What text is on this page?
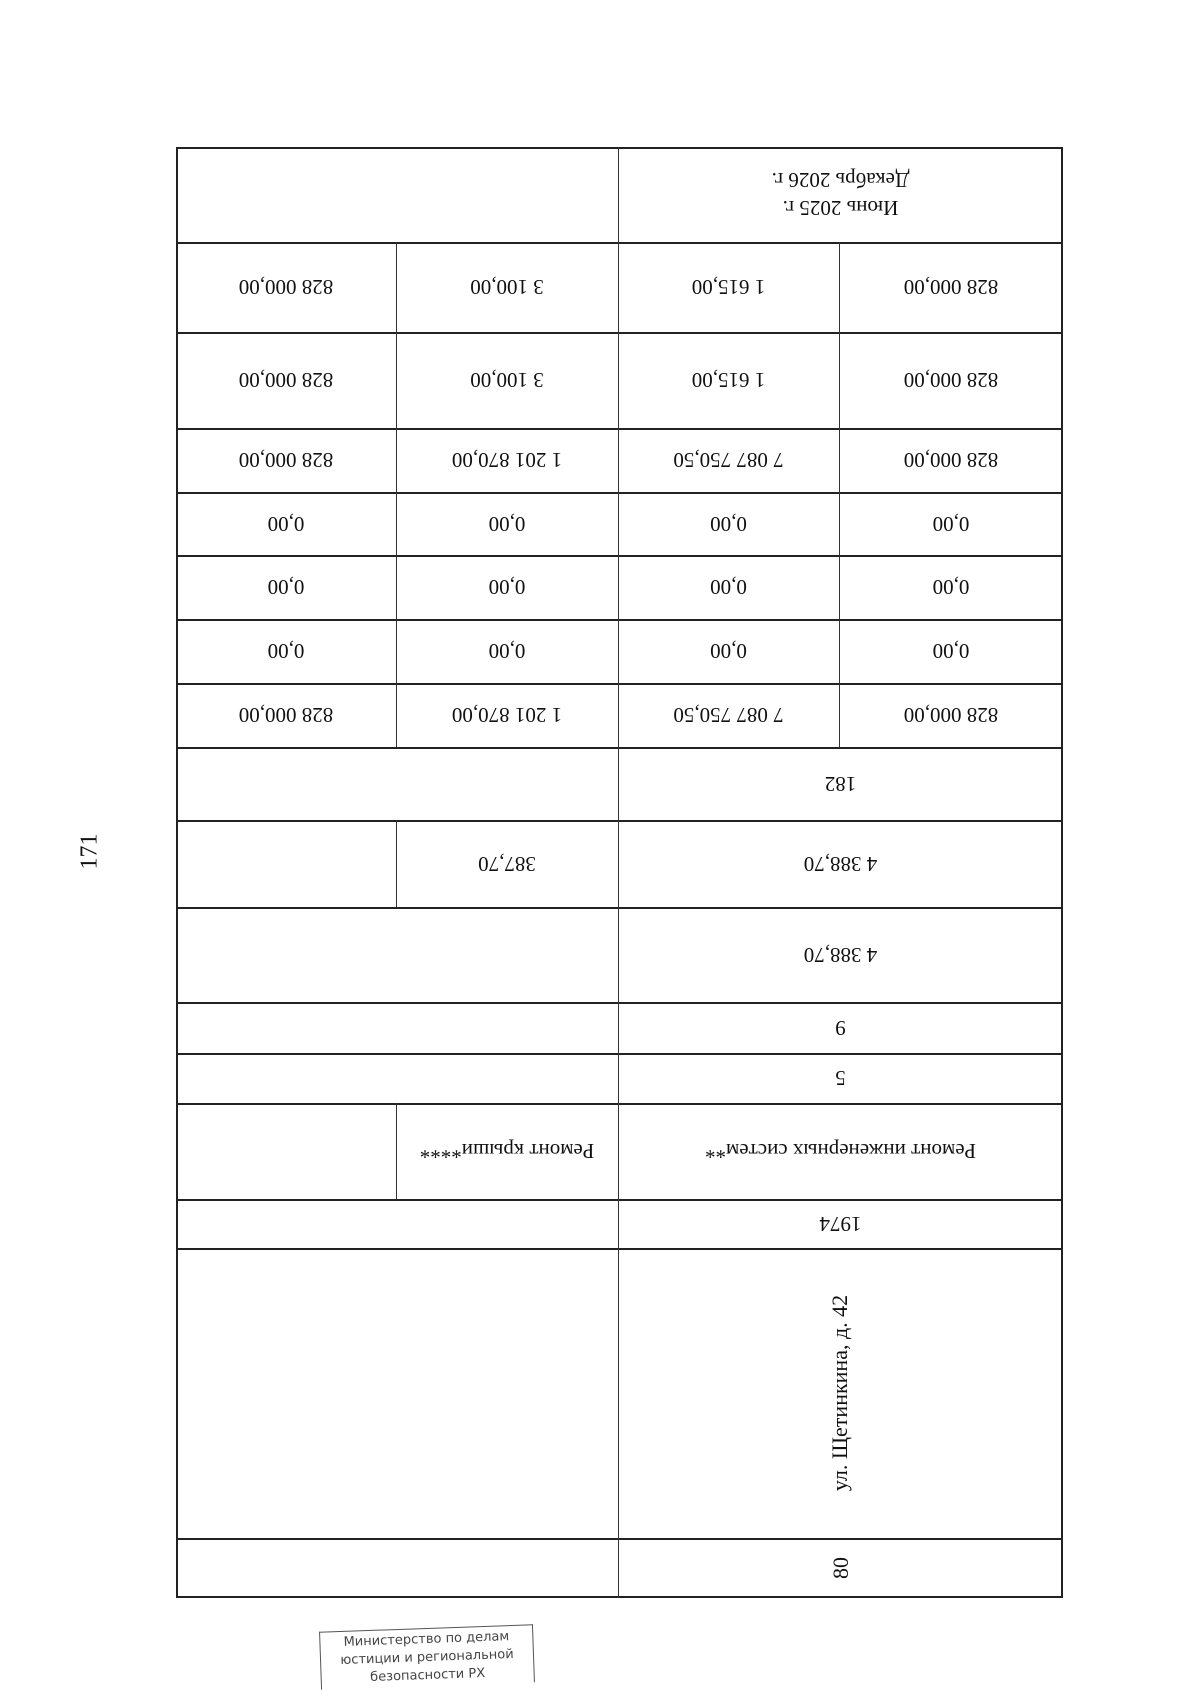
171
Июнь 2025 г.
Декабрь 2026 г.
828 000,00
1 615,00
3 100,00
828 000,00
828 000,00
1 615,00
3 100,00
828 000,00
828 000,00
7 087 750,50
1 201 870,00
828 000,00
0,00
0,00
0,00
0,00
0,00
0,00
0,00
0,00
0,00
0,00
0,00
0,00
828 000,00
7 087 750,50
1 201 870,00
828 000,00
182
4 388,70
387,70
4 388,70
9
5
Ремонт инженерных систем**
Ремонт крыши****
1974
ул. Щетинкина, д. 42
80
Министерство по делам
юстиции и региональной
безопасности РХ
